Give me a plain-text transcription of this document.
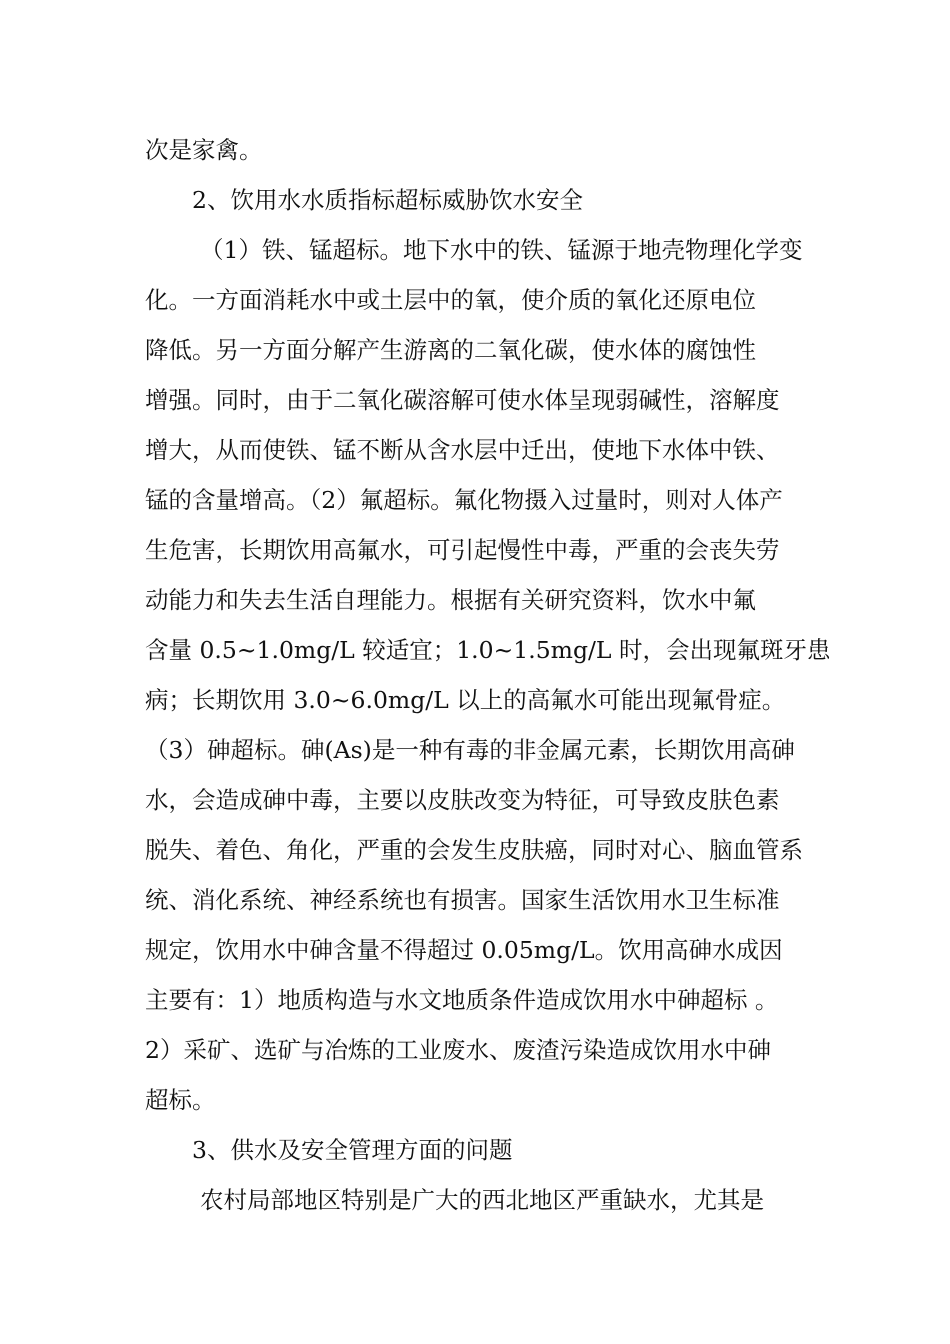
次是家禽。
2、饮用水水质指标超标威胁饮水安全
（1）铁、锰超标。地下水中的铁、锰源于地壳物理化学变
化。一方面消耗水中或土层中的氧，使介质的氧化还原电位
降低。另一方面分解产生游离的二氧化碳，使水体的腐蚀性
增强。同时，由于二氧化碳溶解可使水体呈现弱碱性，溶解度
增大，从而使铁、锰不断从含水层中迁出，使地下水体中铁、
锰的含量增高。（2）氟超标。氟化物摄入过量时，则对人体产
生危害，长期饮用高氟水，可引起慢性中毒，严重的会丧失劳
动能力和失去生活自理能力。根据有关研究资料，饮水中氟
含量 0.5~1.0mg/L 较适宜；1.0~1.5mg/L 时，会出现氟斑牙患
病；长期饮用 3.0~6.0mg/L 以上的高氟水可能出现氟骨症。
（3）砷超标。砷(As)是一种有毒的非金属元素，长期饮用高砷
水，会造成砷中毒，主要以皮肤改变为特征，可导致皮肤色素
脱失、着色、角化，严重的会发生皮肤癌，同时对心、脑血管系
统、消化系统、神经系统也有损害。国家生活饮用水卫生标准
规定，饮用水中砷含量不得超过 0.05mg/L。饮用高砷水成因
主要有：1）地质构造与水文地质条件造成饮用水中砷超标 。
2）采矿、选矿与冶炼的工业废水、废渣污染造成饮用水中砷
超标。
3、供水及安全管理方面的问题
农村局部地区特别是广大的西北地区严重缺水，尤其是
